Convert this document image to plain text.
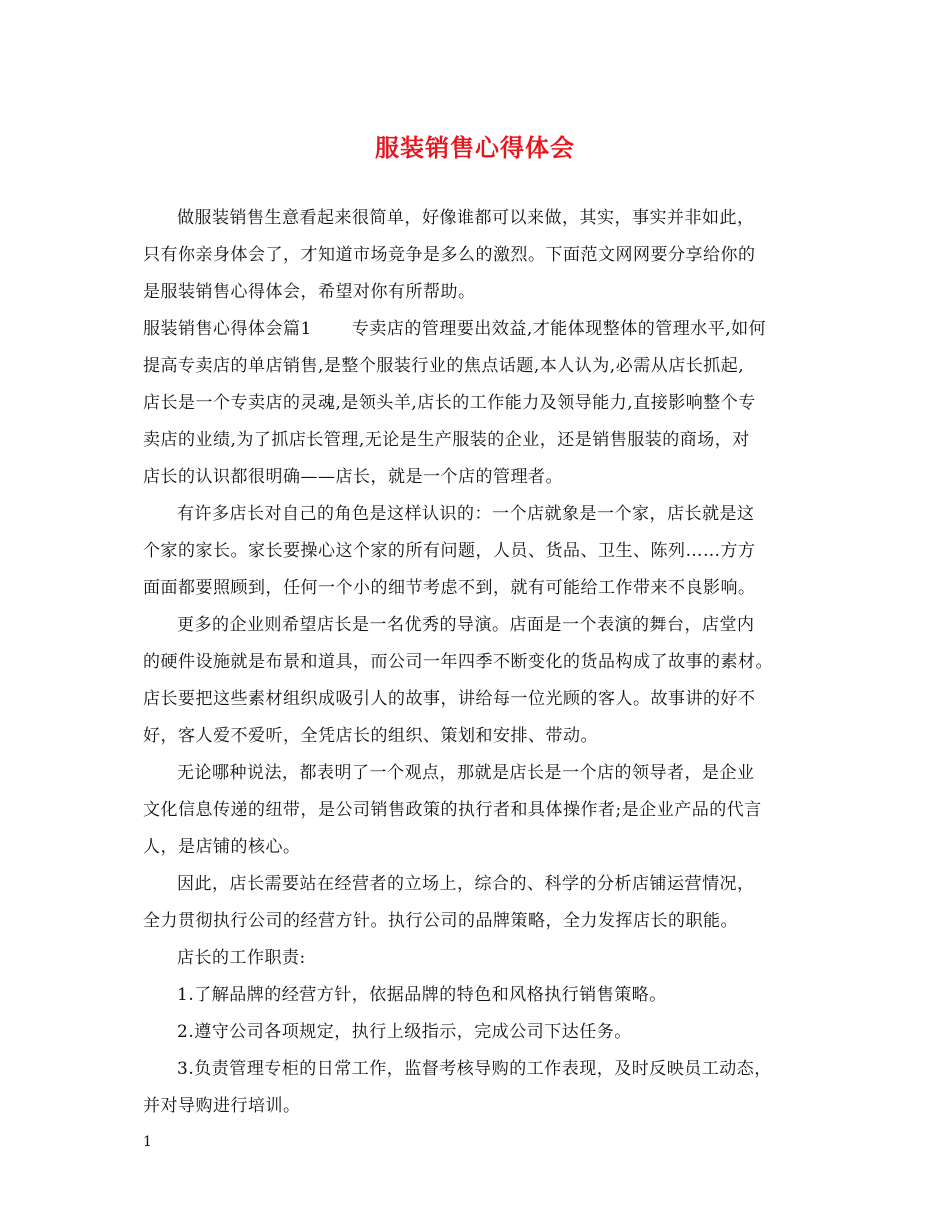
服装销售心得体会
做服装销售生意看起来很简单，好像谁都可以来做，其实，事实并非如此，
只有你亲身体会了，才知道市场竞争是多么的激烈。下面范文网网要分享给你的
是服装销售心得体会，希望对你有所帮助。
服装销售心得体会篇1 专卖店的管理要出效益,才能体现整体的管理水平,如何
提高专卖店的单店销售,是整个服装行业的焦点话题,本人认为,必需从店长抓起,
店长是一个专卖店的灵魂,是领头羊,店长的工作能力及领导能力,直接影响整个专
卖店的业绩,为了抓店长管理,无论是生产服装的企业，还是销售服装的商场，对
店长的认识都很明确——店长，就是一个店的管理者。
有许多店长对自己的角色是这样认识的：一个店就象是一个家，店长就是这
个家的家长。家长要操心这个家的所有问题，人员、货品、卫生、陈列……方方
面面都要照顾到，任何一个小的细节考虑不到，就有可能给工作带来不良影响。
更多的企业则希望店长是一名优秀的导演。店面是一个表演的舞台，店堂内
的硬件设施就是布景和道具，而公司一年四季不断变化的货品构成了故事的素材。
店长要把这些素材组织成吸引人的故事，讲给每一位光顾的客人。故事讲的好不
好，客人爱不爱听，全凭店长的组织、策划和安排、带动。
无论哪种说法，都表明了一个观点，那就是店长是一个店的领导者，是企业
文化信息传递的纽带，是公司销售政策的执行者和具体操作者;是企业产品的代言
人，是店铺的核心。
因此，店长需要站在经营者的立场上，综合的、科学的分析店铺运营情况，
全力贯彻执行公司的经营方针。执行公司的品牌策略，全力发挥店长的职能。
店长的工作职责:
1.了解品牌的经营方针，依据品牌的特色和风格执行销售策略。
2.遵守公司各项规定，执行上级指示，完成公司下达任务。
3.负责管理专柜的日常工作，监督考核导购的工作表现，及时反映员工动态，
并对导购进行培训。
1
